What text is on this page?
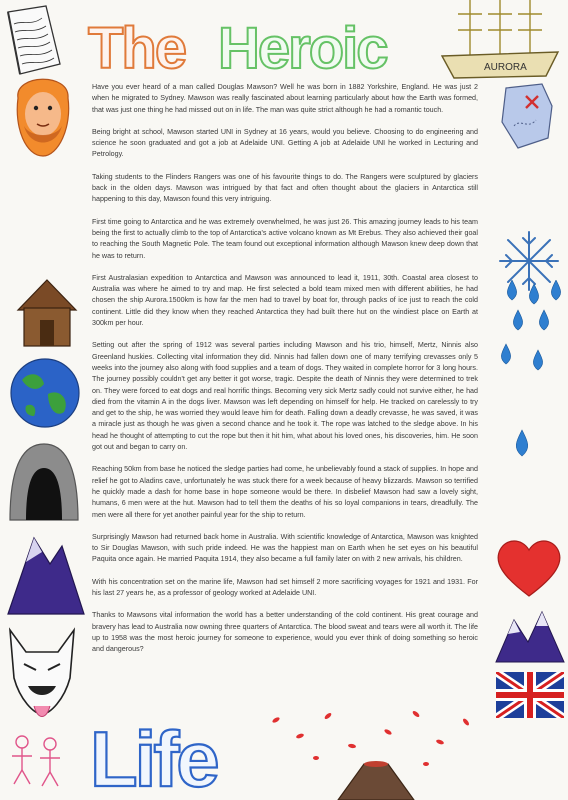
The Heroic	AURORA
Life

Have you ever heard of a man called Douglas Mawson? Well he was born in 1882 Yorkshire, England. He was just 2 when he migrated to Sydney. Mawson was really fascinated about learning particularly about how the Earth was formed, that was just one thing he had missed out on in life. The man was quite strict although he had a romantic touch.

Being bright at school, Mawson started UNI in Sydney at 16 years, would you believe. Choosing to do engineering and science he soon graduated and got a job at Adelaide UNI. Getting A job at Adelaide UNI he worked in Lecturing and Petrology.

Taking students to the Flinders Rangers was one of his favourite things to do. The Rangers were sculptured by glaciers back in the olden days. Mawson was intrigued by that fact and often thought about the glaciers in Antarctica still happening to this day, Mawson found this very intriguing.

First time going to Antarctica and he was extremely overwhelmed, he was just 26. This amazing journey leads to his team being the first to actually climb to the top of Antarctica's active volcano known as Mt Erebus. They also achieved their goal to reaching the South Magnetic Pole. The team found out exceptional information although Mawson knew deep down that he was to return.

First Australasian expedition to Antarctica and Mawson was announced to lead it, 1911, 30th. Coastal area closest to Australia was where he aimed to try and map. He first selected a bold team mixed men with different abilities, he had chosen the ship Aurora.1500km is how far the men had to travel by boat for, through packs of ice just to reach the cold continent. Little did they know when they reached Antarctica they had built there hut on the windiest place on Earth at 300km per hour.

Setting out after the spring of 1912 was several parties including Mawson and his trio, himself, Mertz, Ninnis also Greenland huskies. Collecting vital information they did. Ninnis had fallen down one of many terrifying crevasses only 5 weeks into the journey also along with food supplies and a team of dogs. They waited in complete horror for 3 long hours. The journey possibly couldn't get any better it got worse, tragic. Despite the death of Ninnis they were determined to trek on. They were forced to eat dogs and real horrific things. Becoming very sick Mertz sadly could not survive either, he had died from the vitamin A in the dogs liver. Mawson was left depending on himself for help. He tracked on carelessly to try and get to the ship, he was worried they would leave him for death. Falling down a deadly crevasse, he was saved, it was a miracle just as though he was given a second chance and he took it. The rope was latched to the sledge above. In his head he thought of attempting to cut the rope but then it hit him, what about his loved ones, his discoveries, him. He soon got out and began to carry on.

Reaching 50km from base he noticed the sledge parties had come, he unbelievably found a stack of supplies. In hope and relief he got to Aladins cave, unfortunately he was stuck there for a week because of heavy blizzards. Mawson so terrified he quickly made a dash for home base in hope someone would be there. In disbelief Mawson had saw a lovely sight, humans, 6 men were at the hut. Mawson had to tell them the deaths of his so loyal companions in tears, dreadfully. The men were all there for yet another painful year for the ship to return.

Surprisingly Mawson had returned back home in Australia. With scientific knowledge of Antarctica, Mawson was knighted to Sir Douglas Mawson, with such pride indeed. He was the happiest man on Earth when he set eyes on his beautiful Paquita once again. He married Paquita 1914, they also became a full family later on with 2 new arrivals, his children.

With his concentration set on the marine life, Mawson had set himself 2 more sacrificing voyages for 1921 and 1931. For his last 27 years he, as a professor of geology worked at Adelaide UNI.

Thanks to Mawsons vital information the world has a better understanding of the cold continent. His great courage and bravery has lead to Australia now owning three quarters of Antarctica. The blood sweat and tears were all worth it. The life up to 1958 was the most heroic journey for someone to experience, would you ever think of doing something so heroic and dangerous?
